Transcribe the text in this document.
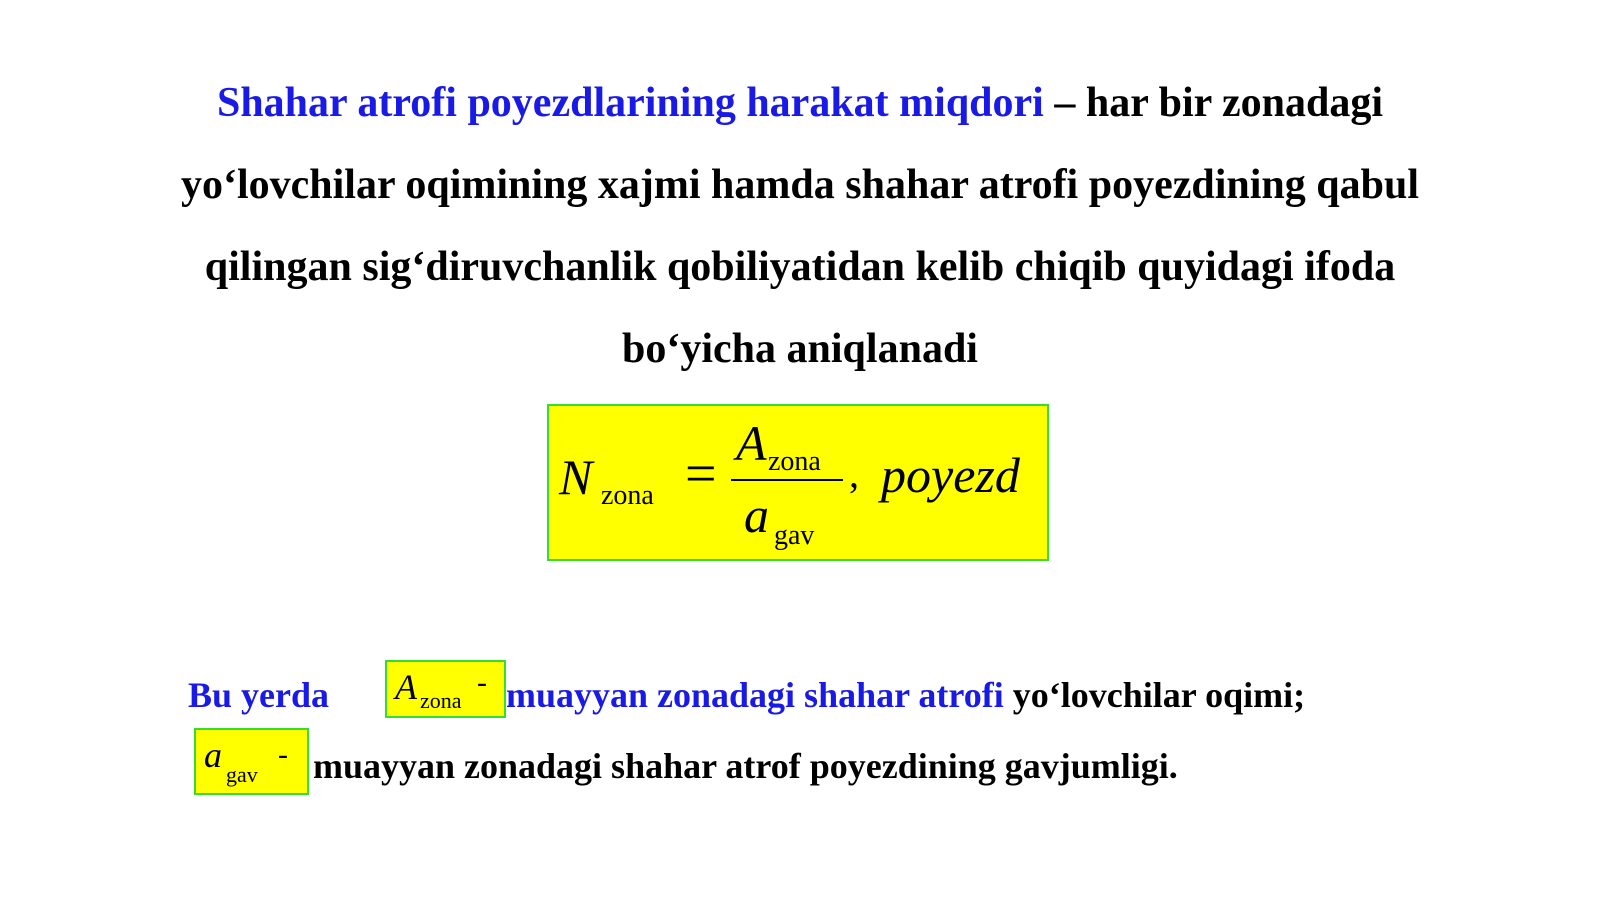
Shahar atrofi poyezdlarining harakat miqdori – har bir zonadagi
yo‘lovchilar oqimining xajmi hamda shahar atrofi poyezdining qabul
qilingan sig‘diruvchanlik qobiliyatidan kelib chiqib quyidagi ifoda
bo‘yicha aniqlanadi
N zona = A zona
a gav
, poyezd
Bu yerda A zona
- muayyan zonadagi shahar atrofi yo‘lovchilar oqimi;
a gav
- muayyan zonadagi shahar atrof poyezdining gavjumligi.
